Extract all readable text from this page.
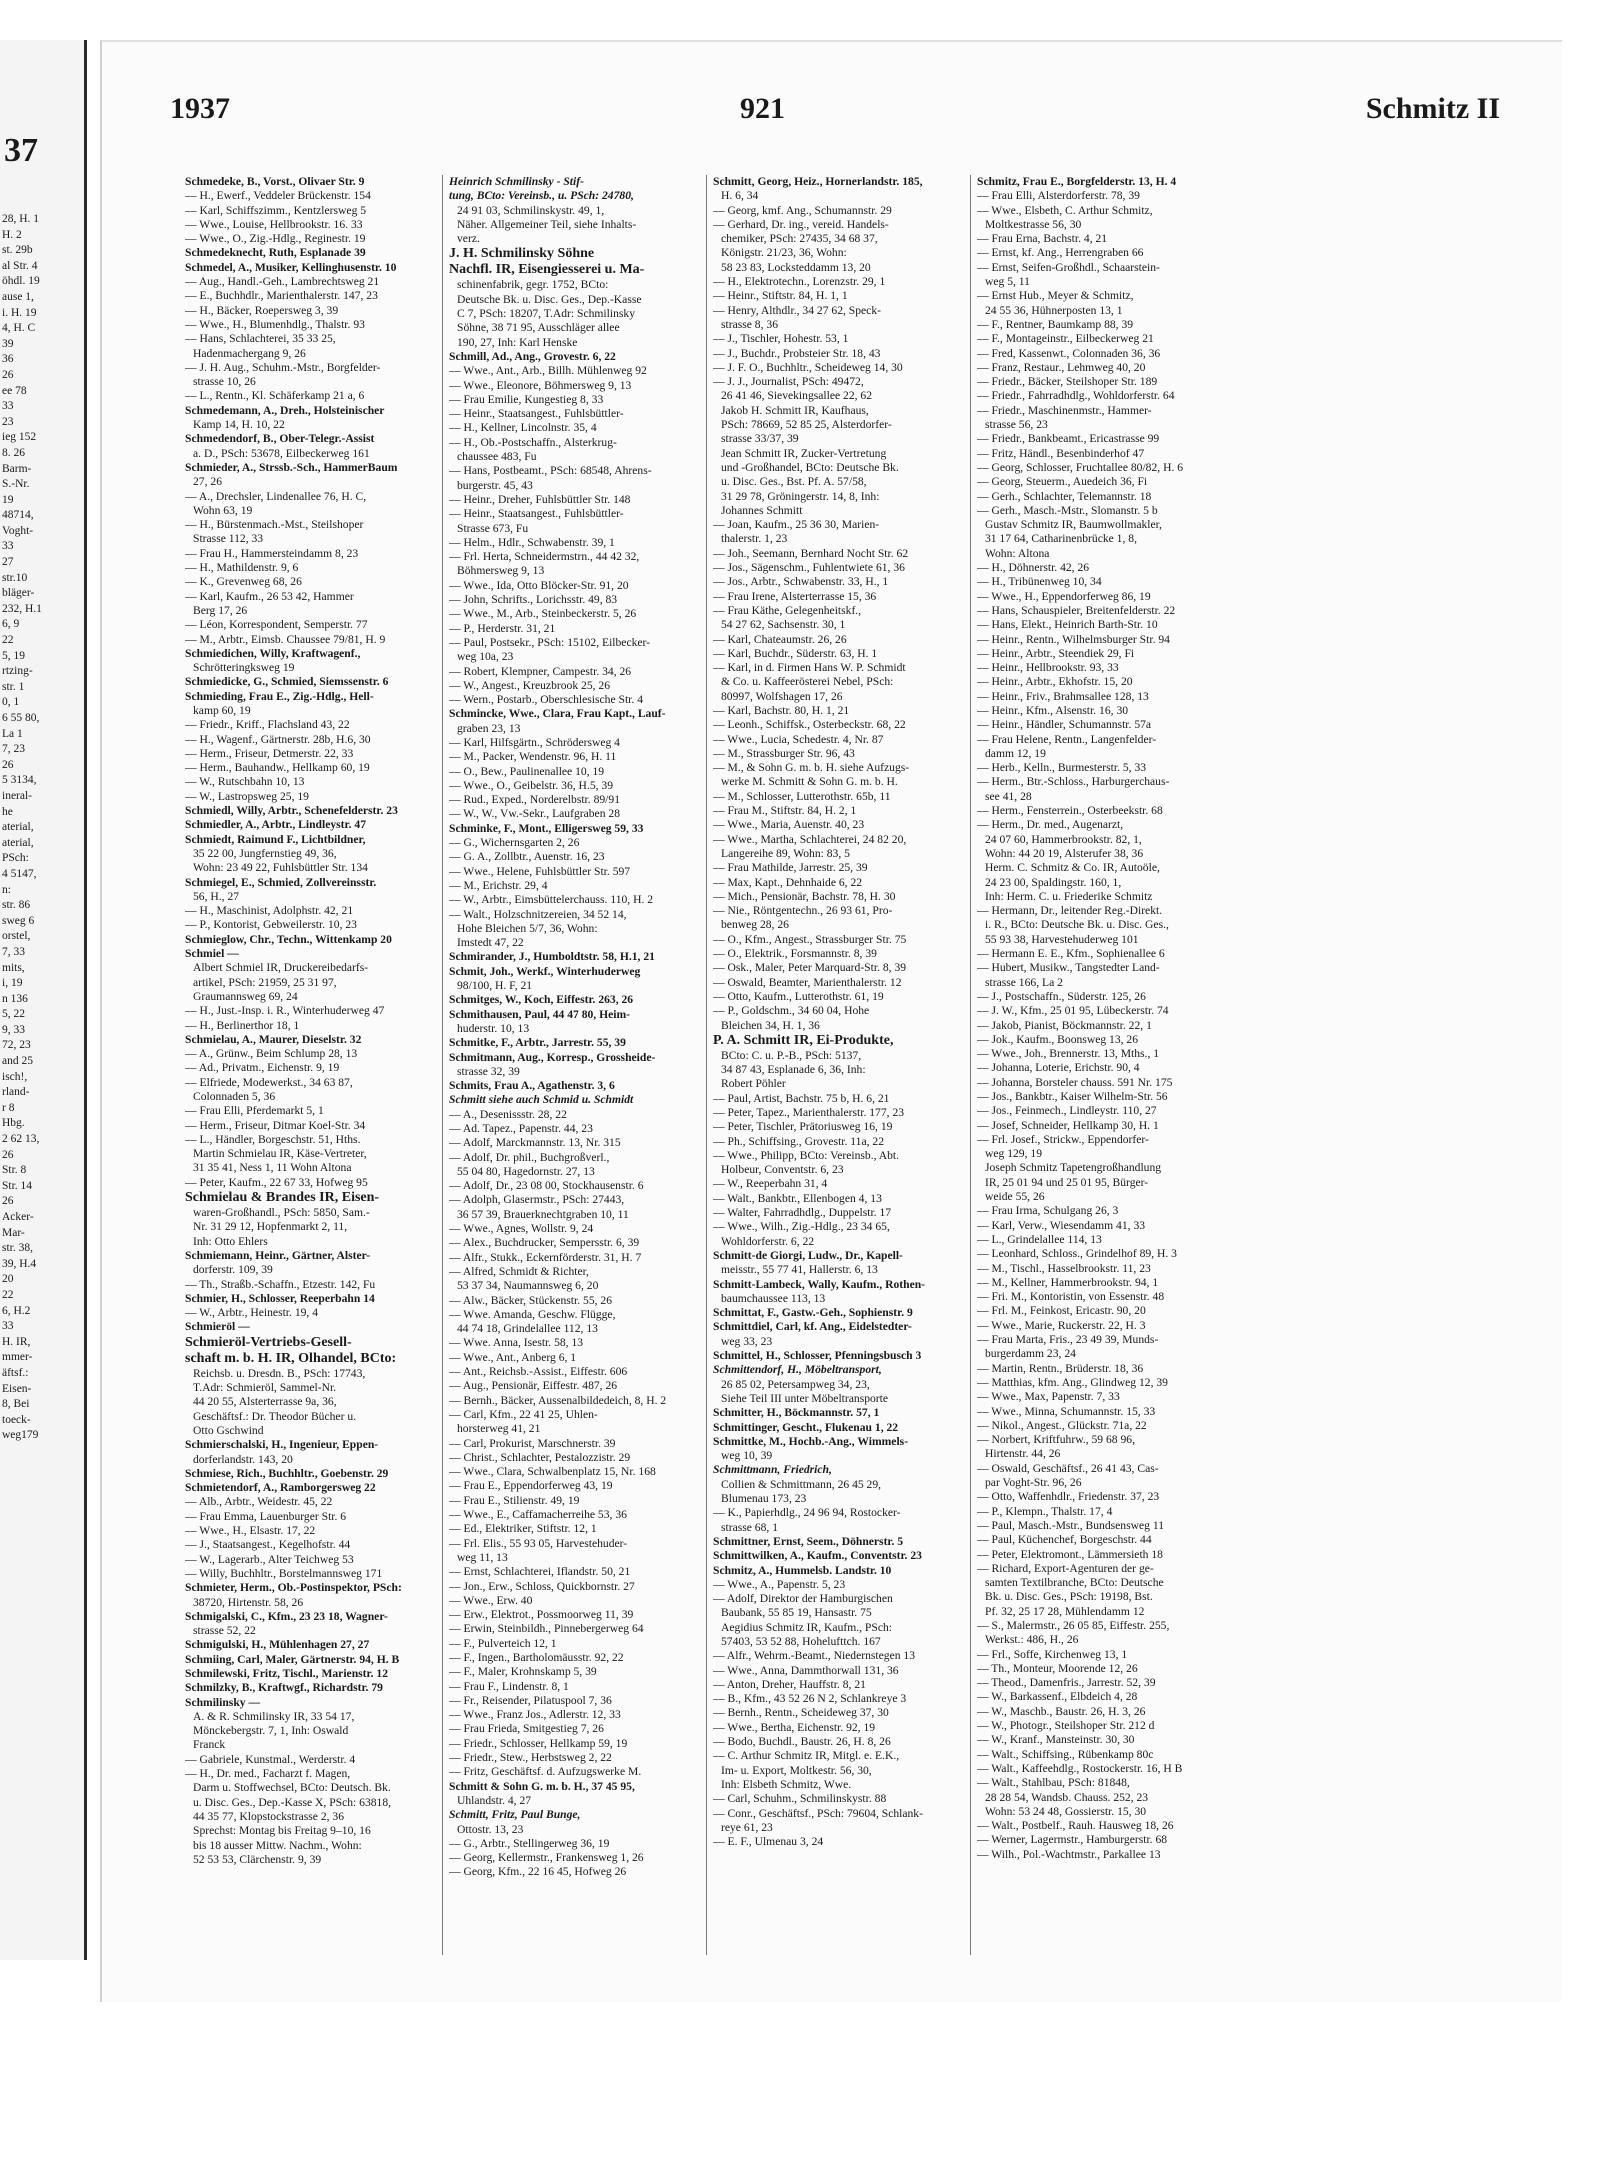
37
28, H. 1
H. 2
st. 29b
al Str. 4
öhdl. 19
ause 1,
i. H. 19
4, H. C
39
36
26
ee 78
33
23
ieg 152
8. 26
Barm-
S.-Nr.
19
48714,
Voght-
33
27
str.10
bläger-
232, H.1
6, 9
22
5, 19
rtzing-
str. 1
0, 1
6 55 80,
La 1
7, 23
26
5 3134,
ineral-
he
aterial,
aterial,
PSch:
4 5147,
n:
str. 86
sweg 6
orstel,
7, 33
mits,
i, 19
n 136
5, 22
9, 33
72, 23
and 25
isch!,
rland-
r 8
Hbg.
2 62 13,
26
Str. 8
Str. 14
26
Acker-
Mar-
str. 38,
39, H.4
20
22
6, H.2
33
H. IR,
mmer-
äftsf.:
Eisen-
8, Bei
toeck-
weg179
1937	921	Schmitz II
Schmedeke, B., Vorst., Olivaer Str. 9
— H., Ewerf., Veddeler Brückenstr. 154
— Karl, Schiffszimm., Kentzlersweg 5
— Wwe., Louise, Hellbrookstr. 16. 33
— Wwe., O., Zig.-Hdlg., Reginestr. 19
Schmedeknecht, Ruth, Esplanade 39
Schmedel, A., Musiker, Kellinghusenstr. 10
— Aug., Handl.-Geh., Lambrechtsweg 21
— E., Buchhdlr., Marienthalerstr. 147, 23
— H., Bäcker, Roepersweg 3, 39
— Wwe., H., Blumenhdlg., Thalstr. 93
— Hans, Schlachterei, 35 33 25,
Hadenmachergang 9, 26
— J. H. Aug., Schuhm.-Mstr., Borgfelder-
strasse 10, 26
— L., Rentn., Kl. Schäferkamp 21 a, 6
Schmedemann, A., Dreh., Holsteinischer
Kamp 14, H. 10, 22
Schmedendorf, B., Ober-Telegr.-Assist
a. D., PSch: 53678, Eilbeckerweg 161
Schmieder, A., Strssb.-Sch., HammerBaum
27, 26
— A., Drechsler, Lindenallee 76, H. C,
Wohn 63, 19
— H., Bürstenmach.-Mst., Steilshoper
Strasse 112, 33
— Frau H., Hammersteindamm 8, 23
— H., Mathildenstr. 9, 6
— K., Grevenweg 68, 26
— Karl, Kaufm., 26 53 42, Hammer
Berg 17, 26
— Léon, Korrespondent, Semperstr. 77
— M., Arbtr., Eimsb. Chaussee 79/81, H. 9
Schmiedichen, Willy, Kraftwagenf.,
Schrötteringksweg 19
Schmiedicke, G., Schmied, Siemssenstr. 6
Schmieding, Frau E., Zig.-Hdlg., Hell-
kamp 60, 19
— Friedr., Kriff., Flachsland 43, 22
— H., Wagenf., Gärtnerstr. 28b, H.6, 30
— Herm., Friseur, Detmerstr. 22, 33
— Herm., Bauhandw., Hellkamp 60, 19
— W., Rutschbahn 10, 13
— W., Lastropsweg 25, 19
Schmiedl, Willy, Arbtr., Schenefelderstr. 23
Schmiedler, A., Arbtr., Lindleystr. 47
Schmiedt, Raimund F., Lichtbildner,
35 22 00, Jungfernstieg 49, 36,
Wohn: 23 49 22, Fuhlsbüttler Str. 134
Schmiegel, E., Schmied, Zollvereinsstr.
56, H., 27
— H., Maschinist, Adolphstr. 42, 21
— P., Kontorist, Gebweilerstr. 10, 23
Schmieglow, Chr., Techn., Wittenkamp 20
Schmiel —
Albert Schmiel IR, Druckereibedarfs-
artikel, PSch: 21959, 25 31 97,
Graumannsweg 69, 24
— H., Just.-Insp. i. R., Winterhuderweg 47
— H., Berlinerthor 18, 1
Schmielau, A., Maurer, Dieselstr. 32
— A., Grünw., Beim Schlump 28, 13
— Ad., Privatm., Eichenstr. 9, 19
— Elfriede, Modewerkst., 34 63 87,
Colonnaden 5, 36
— Frau Elli, Pferdemarkt 5, 1
— Herm., Friseur, Ditmar Koel-Str. 34
— L., Händler, Borgeschstr. 51, Hths.
Martin Schmielau IR, Käse-Vertreter,
31 35 41, Ness 1, 11 Wohn Altona
— Peter, Kaufm., 22 67 33, Hofweg 95
Schmielau & Brandes IR, Eisen-
waren-Großhandl., PSch: 5850, Sam.-
Nr. 31 29 12, Hopfenmarkt 2, 11,
Inh: Otto Ehlers
Schmiemann, Heinr., Gärtner, Alster-
dorferstr. 109, 39
— Th., Straßb.-Schaffn., Etzestr. 142, Fu
Schmier, H., Schlosser, Reeperbahn 14
— W., Arbtr., Heinestr. 19, 4
Schmieröl —
Schmieröl-Vertriebs-Gesell-
schaft m. b. H. IR, Olhandel, BCto:
Reichsb. u. Dresdn. B., PSch: 17743,
T.Adr: Schmieröl, Sammel-Nr.
44 20 55, Alsterterrasse 9a, 36,
Geschäftsf.: Dr. Theodor Bücher u.
Otto Gschwind
Schmierschalski, H., Ingenieur, Eppen-
dorferlandstr. 143, 20
Schmiese, Rich., Buchhltr., Goebenstr. 29
Schmietendorf, A., Ramborgersweg 22
— Alb., Arbtr., Weidestr. 45, 22
— Frau Emma, Lauenburger Str. 6
— Wwe., H., Elsastr. 17, 22
— J., Staatsangest., Kegelhofstr. 44
— W., Lagerarb., Alter Teichweg 53
— Willy, Buchhltr., Borstelmannsweg 171
Schmieter, Herm., Ob.-Postinspektor, PSch:
38720, Hirtenstr. 58, 26
Schmigalski, C., Kfm., 23 23 18, Wagner-
strasse 52, 22
Schmigulski, H., Mühlenhagen 27, 27
Schmiing, Carl, Maler, Gärtnerstr. 94, H. B
Schmilewski, Fritz, Tischl., Marienstr. 12
Schmilzky, B., Kraftwgf., Richardstr. 79
Schmilinsky —
A. & R. Schmilinsky IR, 33 54 17,
Mönckebergstr. 7, 1, Inh: Oswald
Franck
— Gabriele, Kunstmal., Werderstr. 4
— H., Dr. med., Facharzt f. Magen,
Darm u. Stoffwechsel, BCto: Deutsch. Bk.
u. Disc. Ges., Dep.-Kasse X, PSch: 63818,
44 35 77, Klopstockstrasse 2, 36
Sprechst: Montag bis Freitag 9–10, 16
bis 18 ausser Mittw. Nachm., Wohn:
52 53 53, Clärchenstr. 9, 39
Heinrich Schmilinsky - Stif-
tung, BCto: Vereinsb., u. PSch: 24780,
24 91 03, Schmilinskystr. 49, 1,
Näher. Allgemeiner Teil, siehe Inhalts-
verz.
J. H. Schmilinsky Söhne
Nachfl. IR, Eisengiesserei u. Ma-
schinenfabrik, gegr. 1752, BCto:
Deutsche Bk. u. Disc. Ges., Dep.-Kasse
C 7, PSch: 18207, T.Adr: Schmilinsky
Söhne, 38 71 95, Ausschläger allee
190, 27, Inh: Karl Henske
Schmill, Ad., Ang., Grovestr. 6, 22
— Wwe., Ant., Arb., Billh. Mühlenweg 92
— Wwe., Eleonore, Böhmersweg 9, 13
— Frau Emilie, Kungestieg 8, 33
— Heinr., Staatsangest., Fuhlsbüttler-
— H., Kellner, Lincolnstr. 35, 4
— H., Ob.-Postschaffn., Alsterkrug-
chaussee 483, Fu
— Hans, Postbeamt., PSch: 68548, Ahrens-
burgerstr. 45, 43
— Heinr., Dreher, Fuhlsbüttler Str. 148
— Heinr., Staatsangest., Fuhlsbüttler-
Strasse 673, Fu
— Helm., Hdlr., Schwabenstr. 39, 1
— Frl. Herta, Schneidermstrn., 44 42 32,
Böhmersweg 9, 13
— Wwe., Ida, Otto Blöcker-Str. 91, 20
— John, Schrifts., Lorichsstr. 49, 83
— Wwe., M., Arb., Steinbeckerstr. 5, 26
— P., Herderstr. 31, 21
— Paul, Postsekr., PSch: 15102, Eilbecker-
weg 10a, 23
— Robert, Klempner, Campestr. 34, 26
— W., Angest., Kreuzbrook 25, 26
— Wern., Postarb., Oberschlesische Str. 4
Schmincke, Wwe., Clara, Frau Kapt., Lauf-
graben 23, 13
— Karl, Hilfsgärtn., Schrödersweg 4
— M., Packer, Wendenstr. 96, H. 11
— O., Bew., Paulinenallee 10, 19
— Wwe., O., Geibelstr. 36, H.5, 39
— Rud., Exped., Norderelbstr. 89/91
— W., W., Vw.-Sekr., Laufgraben 28
Schminke, F., Mont., Elligersweg 59, 33
— G., Wichernsgarten 2, 26
— G. A., Zollbtr., Auenstr. 16, 23
— Wwe., Helene, Fuhlsbüttler Str. 597
— M., Erichstr. 29, 4
— W., Arbtr., Eimsbüttelerchauss. 110, H. 2
— Walt., Holzschnitzereien, 34 52 14,
Hohe Bleichen 5/7, 36, Wohn:
Imstedt 47, 22
Schmirander, J., Humboldtstr. 58, H.1, 21
Schmit, Joh., Werkf., Winterhuderweg
98/100, H. F, 21
Schmitges, W., Koch, Eiffestr. 263, 26
Schmithausen, Paul, 44 47 80, Heim-
huderstr. 10, 13
Schmitke, F., Arbtr., Jarrestr. 55, 39
Schmitmann, Aug., Korresp., Grossheide-
strasse 32, 39
Schmits, Frau A., Agathenstr. 3, 6
Schmitt siehe auch Schmid u. Schmidt
— A., Desenissstr. 28, 22
— Ad. Tapez., Papenstr. 44, 23
— Adolf, Marckmannstr. 13, Nr. 315
— Adolf, Dr. phil., Buchgroßverl.,
55 04 80, Hagedornstr. 27, 13
— Adolf, Dr., 23 08 00, Stockhausenstr. 6
— Adolph, Glasermstr., PSch: 27443,
36 57 39, Brauerknechtgraben 10, 11
— Wwe., Agnes, Wollstr. 9, 24
— Alex., Buchdrucker, Sempersstr. 6, 39
— Alfr., Stukk., Eckernförderstr. 31, H. 7
— Alfred, Schmidt & Richter,
53 37 34, Naumannsweg 6, 20
— Alw., Bäcker, Stückenstr. 55, 26
— Wwe. Amanda, Geschw. Flügge,
44 74 18, Grindelallee 112, 13
— Wwe. Anna, Isestr. 58, 13
— Wwe., Ant., Anberg 6, 1
— Ant., Reichsb.-Assist., Eiffestr. 606
— Aug., Pensionär, Eiffestr. 487, 26
— Bernh., Bäcker, Aussenalbildedeich, 8, H. 2
— Carl, Kfm., 22 41 25, Uhlen-
horsterweg 41, 21
— Carl, Prokurist, Marschnerstr. 39
— Christ., Schlachter, Pestalozzistr. 29
— Wwe., Clara, Schwalbenplatz 15, Nr. 168
— Frau E., Eppendorferweg 43, 19
— Frau E., Stilienstr. 49, 19
— Wwe., E., Caffamacherreihe 53, 36
— Ed., Elektriker, Stiftstr. 12, 1
— Frl. Elis., 55 93 05, Harvestehuder-
weg 11, 13
— Ernst, Schlachterei, Iflandstr. 50, 21
— Jon., Erw., Schloss, Quickbornstr. 27
— Wwe., Erw. 40
— Erw., Elektrot., Possmoorweg 11, 39
— Erwin, Steinbildh., Pinnebergerweg 64
— F., Pulverteich 12, 1
— F., Ingen., Bartholomäusstr. 92, 22
— F., Maler, Krohnskamp 5, 39
— Frau F., Lindenstr. 8, 1
— Fr., Reisender, Pilatuspool 7, 36
— Wwe., Franz Jos., Adlerstr. 12, 33
— Frau Frieda, Smitgestieg 7, 26
— Friedr., Schlosser, Hellkamp 59, 19
— Friedr., Stew., Herbstsweg 2, 22
— Fritz, Geschäftsf. d. Aufzugswerke M.
Schmitt & Sohn G. m. b. H., 37 45 95,
Uhlandstr. 4, 27
Schmitt, Fritz, Paul Bunge,
Ottostr. 13, 23
— G., Arbtr., Stellingerweg 36, 19
— Georg, Kellermstr., Frankensweg 1, 26
— Georg, Kfm., 22 16 45, Hofweg 26
Schmitt, Georg, Heiz., Hornerlandstr. 185,
H. 6, 34
— Georg, kmf. Ang., Schumannstr. 29
— Gerhard, Dr. ing., vereid. Handels-
chemiker, PSch: 27435, 34 68 37,
Königstr. 21/23, 36, Wohn:
58 23 83, Locksteddamm 13, 20
— H., Elektrotechn., Lorenzstr. 29, 1
— Heinr., Stiftstr. 84, H. 1, 1
— Henry, Althdlr., 34 27 62, Speck-
strasse 8, 36
— J., Tischler, Hohestr. 53, 1
— J., Buchdr., Probsteier Str. 18, 43
— J. F. O., Buchhltr., Scheideweg 14, 30
— J. J., Journalist, PSch: 49472,
26 41 46, Sievekingsallee 22, 62
Jakob H. Schmitt IR, Kaufhaus,
PSch: 78669, 52 85 25, Alsterdorfer-
strasse 33/37, 39
Jean Schmitt IR, Zucker-Vertretung
und -Großhandel, BCto: Deutsche Bk.
u. Disc. Ges., Bst. Pf. A. 57/58,
31 29 78, Gröningerstr. 14, 8, Inh:
Johannes Schmitt
— Joan, Kaufm., 25 36 30, Marien-
thalerstr. 1, 23
— Joh., Seemann, Bernhard Nocht Str. 62
— Jos., Sägenschm., Fuhlentwiete 61, 36
— Jos., Arbtr., Schwabenstr. 33, H., 1
— Frau Irene, Alsterterrasse 15, 36
— Frau Käthe, Gelegenheitskf.,
54 27 62, Sachsenstr. 30, 1
— Karl, Chateaumstr. 26, 26
— Karl, Buchdr., Süderstr. 63, H. 1
— Karl, in d. Firmen Hans W. P. Schmidt
& Co. u. Kaffeerösterei Nebel, PSch:
80997, Wolfshagen 17, 26
— Karl, Bachstr. 80, H. 1, 21
— Leonh., Schiffsk., Osterbeckstr. 68, 22
— Wwe., Lucia, Schedestr. 4, Nr. 87
— M., Strassburger Str. 96, 43
— M., & Sohn G. m. b. H. siehe Aufzugs-
werke M. Schmitt & Sohn G. m. b. H.
— M., Schlosser, Lutterothstr. 65b, 11
— Frau M., Stiftstr. 84, H. 2, 1
— Wwe., Maria, Auenstr. 40, 23
— Wwe., Martha, Schlachterei, 24 82 20,
Langereihe 89, Wohn: 83, 5
— Frau Mathilde, Jarrestr. 25, 39
— Max, Kapt., Dehnhaide 6, 22
— Mich., Pensionär, Bachstr. 78, H. 30
— Nie., Röntgentechn., 26 93 61, Pro-
benweg 28, 26
— O., Kfm., Angest., Strassburger Str. 75
— O., Elektrik., Forsmannstr. 8, 39
— Osk., Maler, Peter Marquard-Str. 8, 39
— Oswald, Beamter, Marienthalerstr. 12
— Otto, Kaufm., Lutterothstr. 61, 19
— P., Goldschm., 34 60 04, Hohe
Bleichen 34, H. 1, 36
P. A. Schmitt IR, Ei-Produkte,
BCto: C. u. P.-B., PSch: 5137,
34 87 43, Esplanade 6, 36, Inh:
Robert Pöhler
— Paul, Artist, Bachstr. 75 b, H. 6, 21
— Peter, Tapez., Marienthalerstr. 177, 23
— Peter, Tischler, Prätoriusweg 16, 19
— Ph., Schiffsing., Grovestr. 11a, 22
— Wwe., Philipp, BCto: Vereinsb., Abt.
Holbeur, Conventstr. 6, 23
— W., Reeperbahn 31, 4
— Walt., Bankbtr., Ellenbogen 4, 13
— Walter, Fahrradhdlg., Duppelstr. 17
— Wwe., Wilh., Zig.-Hdlg., 23 34 65,
Wohldorferstr. 6, 22
Schmitt-de Giorgi, Ludw., Dr., Kapell-
meisstr., 55 77 41, Hallerstr. 6, 13
Schmitt-Lambeck, Wally, Kaufm., Rothen-
baumchaussee 113, 13
Schmittat, F., Gastw.-Geh., Sophienstr. 9
Schmittdiel, Carl, kf. Ang., Eidelstedter-
weg 33, 23
Schmittel, H., Schlosser, Pfenningsbusch 3
Schmittendorf, H., Möbeltransport,
26 85 02, Petersampweg 34, 23,
Siehe Teil III unter Möbeltransporte
Schmitter, H., Böckmannstr. 57, 1
Schmittinger, Gescht., Flukenau 1, 22
Schmittke, M., Hochb.-Ang., Wimmels-
weg 10, 39
Schmittmann, Friedrich,
Collien & Schmittmann, 26 45 29,
Blumenau 173, 23
— K., Papierhdlg., 24 96 94, Rostocker-
strasse 68, 1
Schmittner, Ernst, Seem., Döhnerstr. 5
Schmittwilken, A., Kaufm., Conventstr. 23
Schmitz, A., Hummelsb. Landstr. 10
— Wwe., A., Papenstr. 5, 23
— Adolf, Direktor der Hamburgischen
Baubank, 55 85 19, Hansastr. 75
Aegidius Schmitz IR, Kaufm., PSch:
57403, 53 52 88, Hohelufttch. 167
— Alfr., Wehrm.-Beamt., Niedernstegen 13
— Wwe., Anna, Dammthorwall 131, 36
— Anton, Dreher, Hauffstr. 8, 21
— B., Kfm., 43 52 26 N 2, Schlankreye 3
— Bernh., Rentn., Scheideweg 37, 30
— Wwe., Bertha, Eichenstr. 92, 19
— Bodo, Buchdl., Baustr. 26, H. 8, 26
— C. Arthur Schmitz IR, Mitgl. e. E.K.,
Im- u. Export, Moltkestr. 56, 30,
Inh: Elsbeth Schmitz, Wwe.
— Carl, Schuhm., Schmilinskystr. 88
— Conr., Geschäftsf., PSch: 79604, Schlank-
reye 61, 23
— E. F., Ulmenau 3, 24
Schmitz, Frau E., Borgfelderstr. 13, H. 4
— Frau Elli, Alsterdorferstr. 78, 39
— Wwe., Elsbeth, C. Arthur Schmitz,
Moltkestrasse 56, 30
— Frau Erna, Bachstr. 4, 21
— Ernst, kf. Ang., Herrengraben 66
— Ernst, Seifen-Großhdl., Schaarstein-
weg 5, 11
— Ernst Hub., Meyer & Schmitz,
24 55 36, Hühnerposten 13, 1
— F., Rentner, Baumkamp 88, 39
— F., Montageinstr., Eilbeckerweg 21
— Fred, Kassenwt., Colonnaden 36, 36
— Franz, Restaur., Lehmweg 40, 20
— Friedr., Bäcker, Steilshoper Str. 189
— Friedr., Fahrradhdlg., Wohldorferstr. 64
— Friedr., Maschinenmstr., Hammer-
strasse 56, 23
— Friedr., Bankbeamt., Ericastrasse 99
— Fritz, Händl., Besenbinderhof 47
— Georg, Schlosser, Fruchtallee 80/82, H. 6
— Georg, Steuerm., Auedeich 36, Fi
— Gerh., Schlachter, Telemannstr. 18
— Gerh., Masch.-Mstr., Slomanstr. 5 b
Gustav Schmitz IR, Baumwollmakler,
31 17 64, Catharinenbrücke 1, 8,
Wohn: Altona
— H., Döhnerstr. 42, 26
— H., Tribünenweg 10, 34
— Wwe., H., Eppendorferweg 86, 19
— Hans, Schauspieler, Breitenfelderstr. 22
— Hans, Elekt., Heinrich Barth-Str. 10
— Heinr., Rentn., Wilhelmsburger Str. 94
— Heinr., Arbtr., Steendiek 29, Fi
— Heinr., Hellbrookstr. 93, 33
— Heinr., Arbtr., Ekhofstr. 15, 20
— Heinr., Friv., Brahmsallee 128, 13
— Heinr., Kfm., Alsenstr. 16, 30
— Heinr., Händler, Schumannstr. 57a
— Frau Helene, Rentn., Langenfelder-
damm 12, 19
— Herb., Kelln., Burmesterstr. 5, 33
— Herm., Btr.-Schloss., Harburgerchaus-
see 41, 28
— Herm., Fensterrein., Osterbeekstr. 68
— Herm., Dr. med., Augenarzt,
24 07 60, Hammerbrookstr. 82, 1,
Wohn: 44 20 19, Alsterufer 38, 36
Herm. C. Schmitz & Co. IR, Autoöle,
24 23 00, Spaldingstr. 160, 1,
Inh: Herm. C. u. Friederike Schmitz
— Hermann, Dr., leitender Reg.-Direkt.
i. R., BCto: Deutsche Bk. u. Disc. Ges.,
55 93 38, Harvestehuderweg 101
— Hermann E. E., Kfm., Sophienallee 6
— Hubert, Musikw., Tangstedter Land-
strasse 166, La 2
— J., Postschaffn., Süderstr. 125, 26
— J. W., Kfm., 25 01 95, Lübeckerstr. 74
— Jakob, Pianist, Böckmannstr. 22, 1
— Jok., Kaufm., Boonsweg 13, 26
— Wwe., Joh., Brennerstr. 13, Mths., 1
— Johanna, Loterie, Erichstr. 90, 4
— Johanna, Borsteler chauss. 591 Nr. 175
— Jos., Bankbtr., Kaiser Wilhelm-Str. 56
— Jos., Feinmech., Lindleystr. 110, 27
— Josef, Schneider, Hellkamp 30, H. 1
— Frl. Josef., Strickw., Eppendorfer-
weg 129, 19
Joseph Schmitz Tapetengroßhandlung
IR, 25 01 94 und 25 01 95, Bürger-
weide 55, 26
— Frau Irma, Schulgang 26, 3
— Karl, Verw., Wiesendamm 41, 33
— L., Grindelallee 114, 13
— Leonhard, Schloss., Grindelhof 89, H. 3
— M., Tischl., Hasselbrookstr. 11, 23
— M., Kellner, Hammerbrookstr. 94, 1
— Fri. M., Kontoristin, von Essenstr. 48
— Frl. M., Feinkost, Ericastr. 90, 20
— Wwe., Marie, Ruckerstr. 22, H. 3
— Frau Marta, Fris., 23 49 39, Munds-
burgerdamm 23, 24
— Martin, Rentn., Brüderstr. 18, 36
— Matthias, kfm. Ang., Glindweg 12, 39
— Wwe., Max, Papenstr. 7, 33
— Wwe., Minna, Schumannstr. 15, 33
— Nikol., Angest., Glückstr. 71a, 22
— Norbert, Kriftfuhrw., 59 68 96,
Hirtenstr. 44, 26
— Oswald, Geschäftsf., 26 41 43, Cas-
par Voght-Str. 96, 26
— Otto, Waffenhdlr., Friedenstr. 37, 23
— P., Klempn., Thalstr. 17, 4
— Paul, Masch.-Mstr., Bundsensweg 11
— Paul, Küchenchef, Borgeschstr. 44
— Peter, Elektromont., Lämmersieth 18
— Richard, Export-Agenturen der ge-
samten Textilbranche, BCto: Deutsche
Bk. u. Disc. Ges., PSch: 19198, Bst.
Pf. 32, 25 17 28, Mühlendamm 12
— S., Malermstr., 26 05 85, Eiffestr. 255,
Werkst.: 486, H., 26
— Frl., Soffe, Kirchenweg 13, 1
— Th., Monteur, Moorende 12, 26
— Theod., Damenfris., Jarrestr. 52, 39
— W., Barkassenf., Elbdeich 4, 28
— W., Maschb., Baustr. 26, H. 3, 26
— W., Photogr., Steilshoper Str. 212 d
— W., Kranf., Mansteinstr. 30, 30
— Walt., Schiffsing., Rübenkamp 80c
— Walt., Kaffeehdlg., Rostockerstr. 16, H B
— Walt., Stahlbau, PSch: 81848,
28 28 54, Wandsb. Chauss. 252, 23
Wohn: 53 24 48, Gossierstr. 15, 30
— Walt., Postbelf., Rauh. Hausweg 18, 26
— Werner, Lagermstr., Hamburgerstr. 68
— Wilh., Pol.-Wachtmstr., Parkallee 13
